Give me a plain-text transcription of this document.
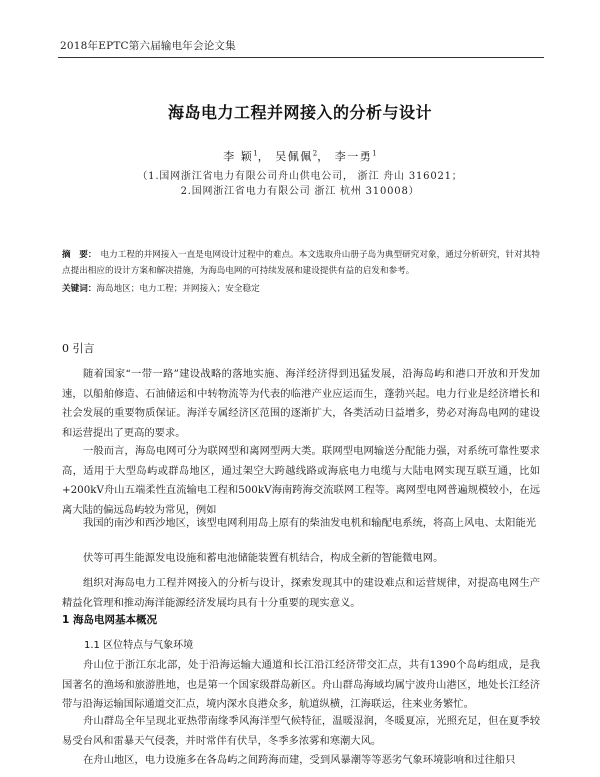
2018年EPTC第六届输电年会论文集
海岛电力工程并网接入的分析与设计
李 颖$^1$， 吴佩佩$^2$， 李一勇$^1$
（1.国网浙江省电力有限公司舟山供电公司， 浙江 舟山 316021；
2.国网浙江省电力有限公司 浙江 杭州 310008）
摘　要： 电力工程的并网接入一直是电网设计过程中的难点。本文选取舟山册子岛为典型研究对象，通过分析研究，针对其特点提出相应的设计方案和解决措施，为海岛电网的可持续发展和建设提供有益的启发和参考。
关键词：海岛地区；电力工程；并网接入；安全稳定
0 引言

随着国家“一带一路”建设战略的落地实施、海洋经济得到迅猛发展，沿海岛屿和港口开放和开发加速，以船舶修造、石油储运和中转物流等为代表的临港产业应运而生，蓬勃兴起。电力行业是经济增长和社会发展的重要物质保证。海洋专属经济区范围的逐渐扩大，各类活动日益增多，势必对海岛电网的建设和运营提出了更高的要求。

一般而言，海岛电网可分为联网型和离网型两大类。联网型电网输送分配能力强，对系统可靠性要求高，适用于大型岛屿或群岛地区，通过架空大跨越线路或海底电力电缆与大陆电网实现互联互通，比如+200kV舟山五端柔性直流输电工程和500kV海南跨海交流联网工程等。离网型电网普遍规模较小，在远离大陆的偏远岛屿较为常见，例如

我国的南沙和西沙地区，该型电网利用岛上原有的柴油发电机和输配电系统，将高上风电、太阳能光

伏等可再生能源发电设施和蓄电池储能装置有机结合，构成全新的智能微电网。

组织对海岛电力工程并网接入的分析与设计，探索发现其中的建设难点和运营规律，对提高电网生产精益化管理和推动海洋能源经济发展均具有十分重要的现实意义。

1 海岛电网基本概况
1.1 区位特点与气象环境

舟山位于浙江东北部，处于沿海运输大通道和长江沿江经济带交汇点，共有1390个岛屿组成，是我国著名的渔场和旅游胜地，也是第一个国家级群岛新区。舟山群岛海域均属宁波舟山港区，地处长江经济带与沿海运输国际通道交汇点，境内深水良港众多，航道纵横，江海联运，往来业务繁忙。

舟山群岛全年呈现北亚热带南缘季风海洋型气候特征，温暖湿润，冬暖夏凉，光照充足，但在夏季较易受台风和雷暴天气侵袭，并时常伴有伏旱，冬季多浓雾和寒潮大风。

在舟山地区，电力设施多在各岛屿之间跨海而建，受到风暴潮等等恶劣气象环境影响和过往船只
